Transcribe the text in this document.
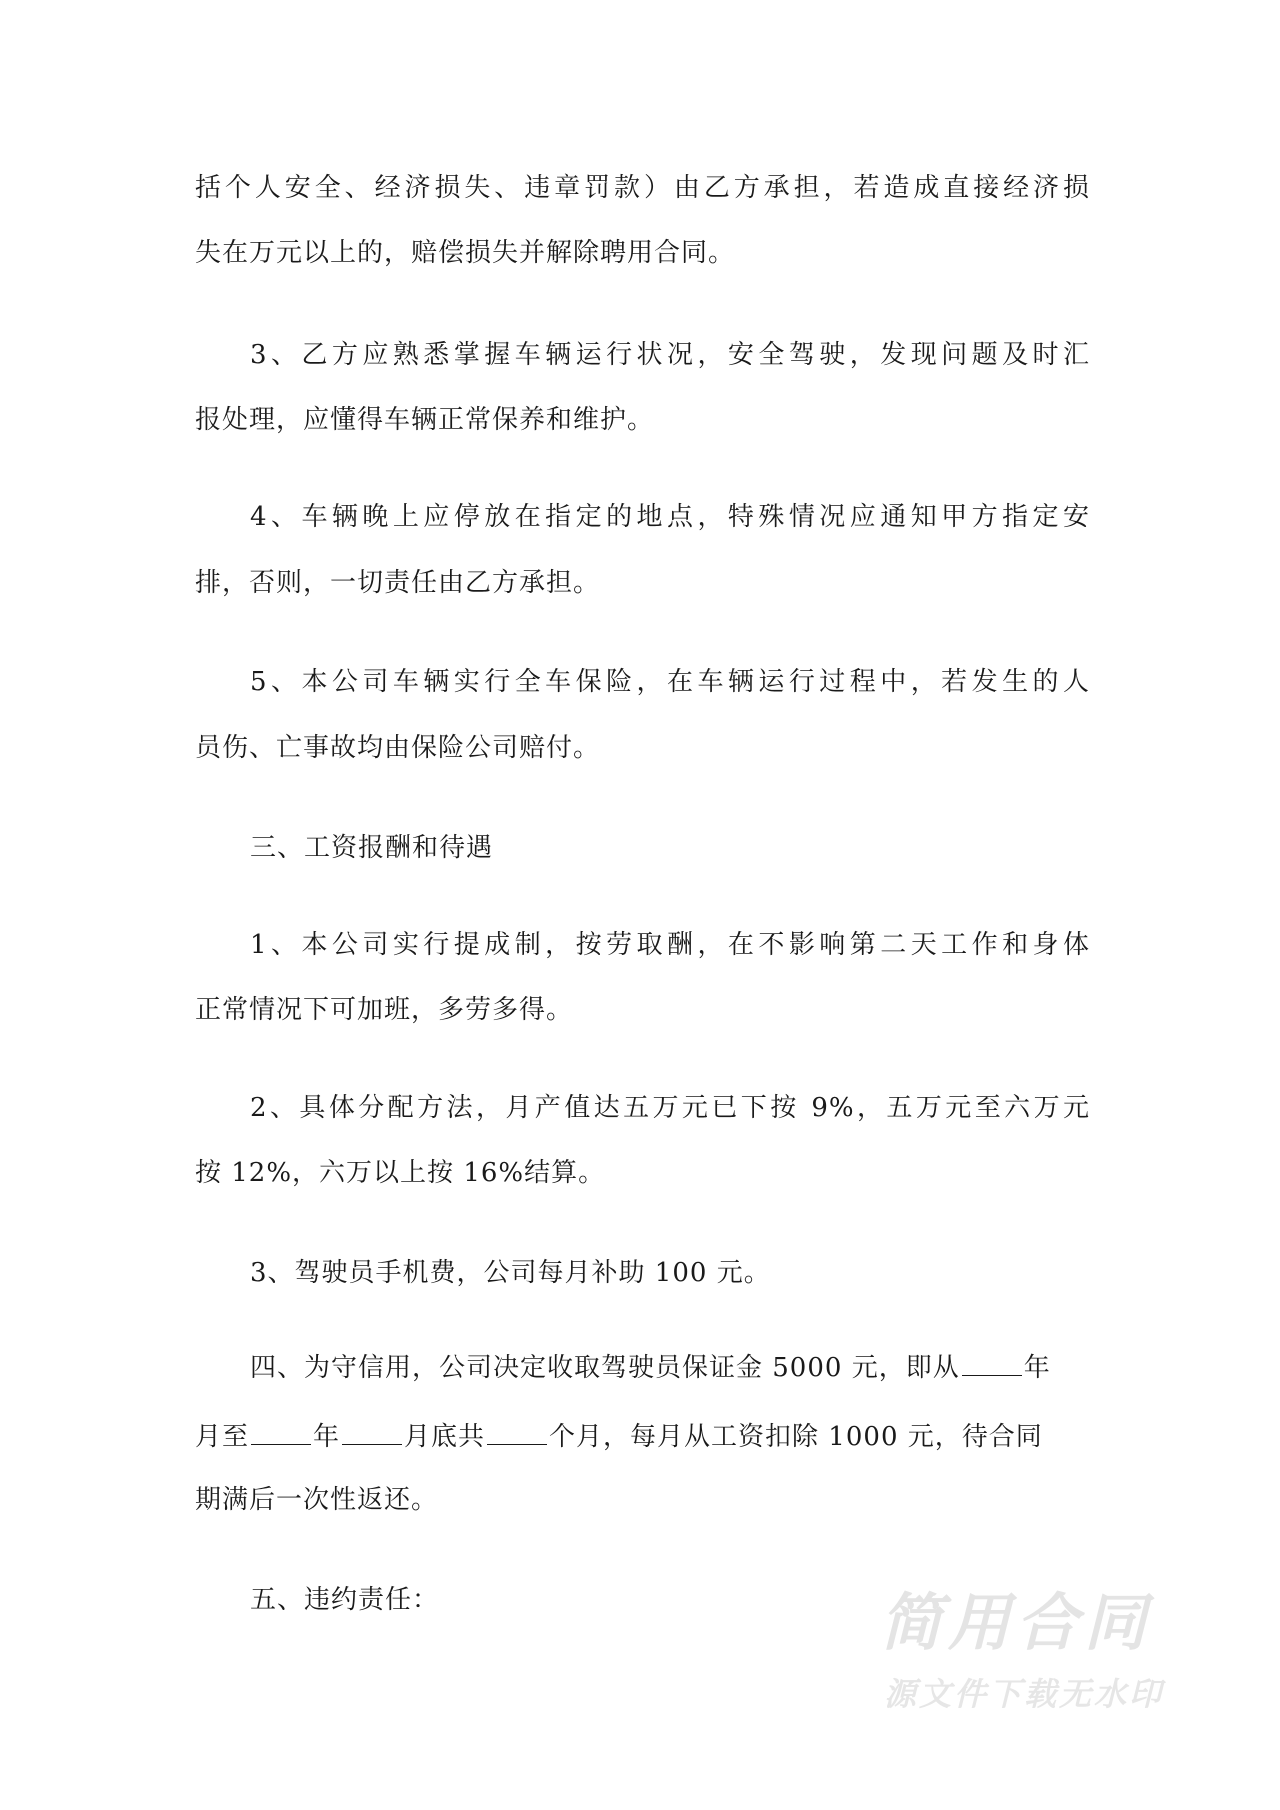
括个人安全、经济损失、违章罚款）由乙方承担，若造成直接经济损
失在万元以上的，赔偿损失并解除聘用合同。
3、乙方应熟悉掌握车辆运行状况，安全驾驶，发现问题及时汇
报处理，应懂得车辆正常保养和维护。
4、车辆晚上应停放在指定的地点，特殊情况应通知甲方指定安
排，否则，一切责任由乙方承担。
5、本公司车辆实行全车保险，在车辆运行过程中，若发生的人
员伤、亡事故均由保险公司赔付。
三、工资报酬和待遇
1、本公司实行提成制，按劳取酬，在不影响第二天工作和身体
正常情况下可加班，多劳多得。
2、具体分配方法，月产值达五万元已下按 9%，五万元至六万元
按 12%，六万以上按 16%结算。
3、驾驶员手机费，公司每月补助 100 元。
四、为守信用，公司决定收取驾驶员保证金 5000 元，即从 年
月至 年 月底共 个月，每月从工资扣除 1000 元，待合同
期满后一次性返还。
五、违约责任：	简用合同
源文件下载无水印
